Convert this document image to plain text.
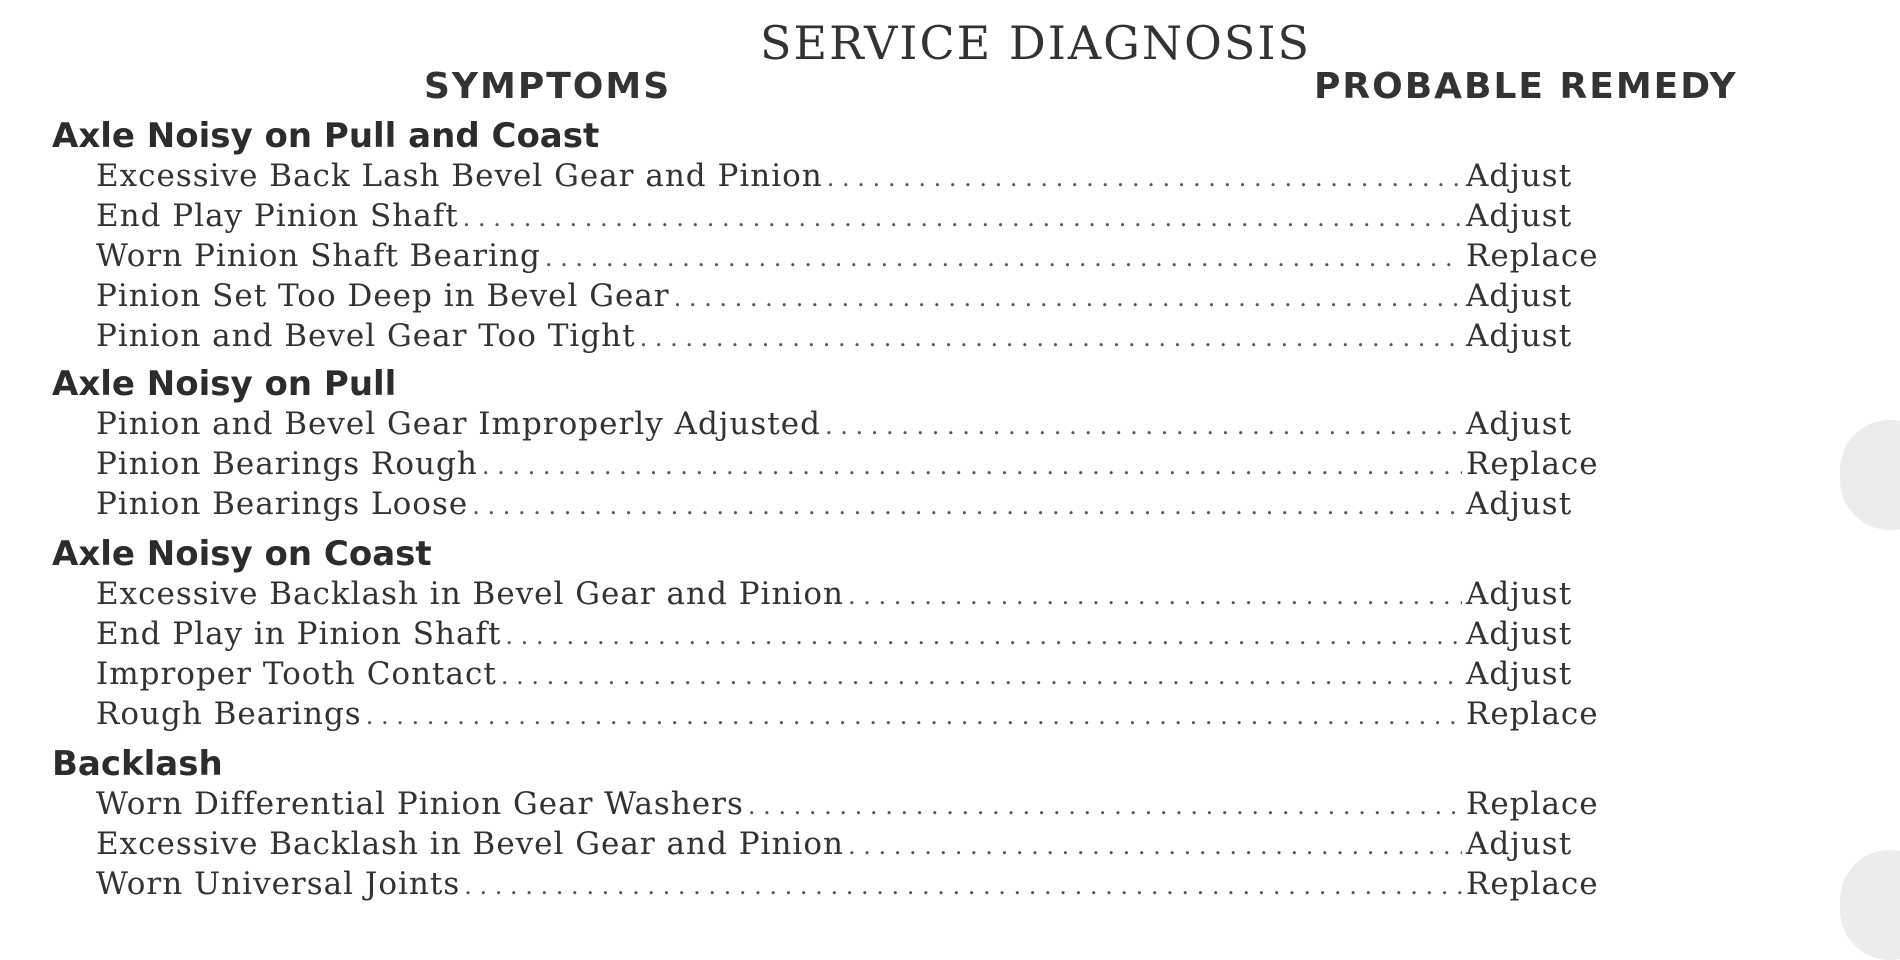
SERVICE DIAGNOSIS
SYMPTOMS	PROBABLE REMEDY
Axle Noisy on Pull and Coast
Excessive Back Lash Bevel Gear and Pinion . . .	Adjust
End Play Pinion Shaft . . .	Adjust
Worn Pinion Shaft Bearing . . .	Replace
Pinion Set Too Deep in Bevel Gear . . .	Adjust
Pinion and Bevel Gear Too Tight . . .	Adjust
Axle Noisy on Pull
Pinion and Bevel Gear Improperly Adjusted . . .	Adjust
Pinion Bearings Rough . . .	Replace
Pinion Bearings Loose . . .	Adjust
Axle Noisy on Coast
Excessive Backlash in Bevel Gear and Pinion . . .	Adjust
End Play in Pinion Shaft . . .	Adjust
Improper Tooth Contact . . .	Adjust
Rough Bearings . . .	Replace
Backlash
Worn Differential Pinion Gear Washers . . .	Replace
Excessive Backlash in Bevel Gear and Pinion . . .	Adjust
Worn Universal Joints . . .	Replace
